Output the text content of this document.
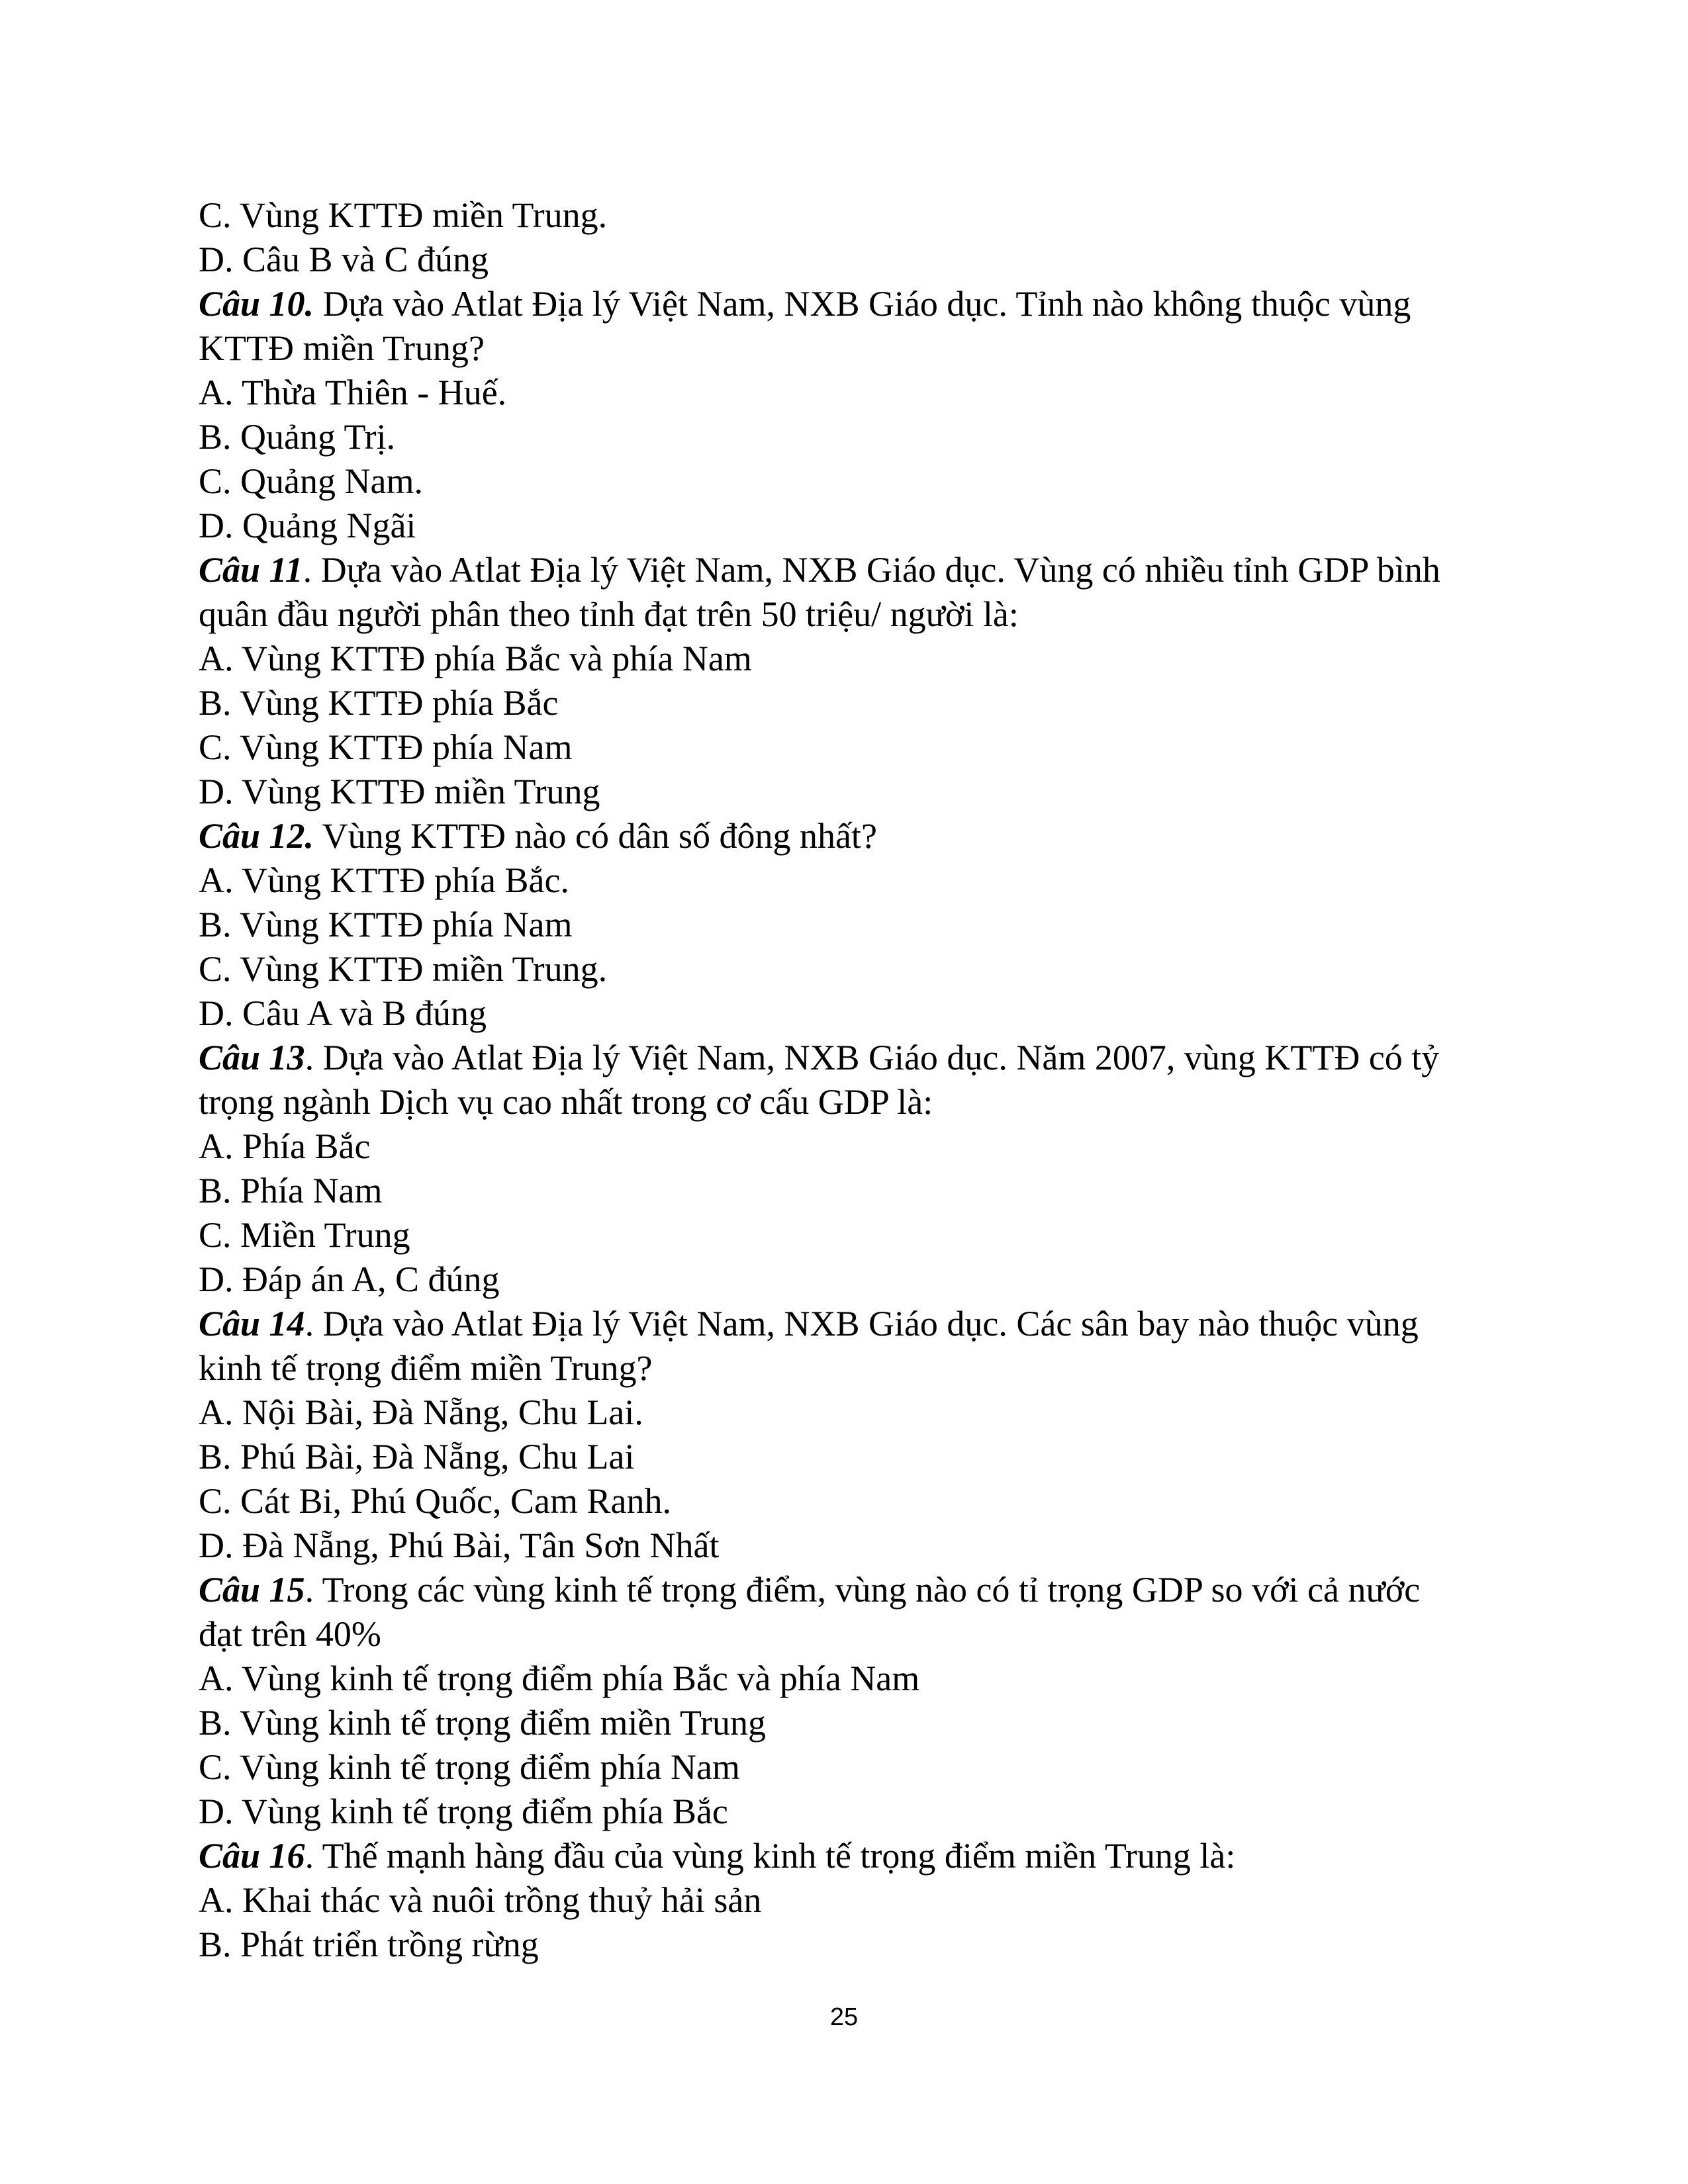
C. Vùng KTTĐ miền Trung.
D. Câu B và C đúng
Câu 10. Dựa vào Atlat Địa lý Việt Nam, NXB Giáo dục. Tỉnh nào không thuộc vùng
KTTĐ miền Trung?
A. Thừa Thiên - Huế.
B. Quảng Trị.
C. Quảng Nam.
D. Quảng Ngãi
Câu 11. Dựa vào Atlat Địa lý Việt Nam, NXB Giáo dục. Vùng có nhiều tỉnh GDP bình
quân đầu người phân theo tỉnh đạt trên 50 triệu/ người là:
A. Vùng KTTĐ phía Bắc và phía Nam
B. Vùng KTTĐ phía Bắc
C. Vùng KTTĐ phía Nam
D. Vùng KTTĐ miền Trung
Câu 12. Vùng KTTĐ nào có dân số đông nhất?
A. Vùng KTTĐ phía Bắc.
B. Vùng KTTĐ phía Nam
C. Vùng KTTĐ miền Trung.
D. Câu A và B đúng
Câu 13. Dựa vào Atlat Địa lý Việt Nam, NXB Giáo dục. Năm 2007, vùng KTTĐ có tỷ
trọng ngành Dịch vụ cao nhất trong cơ cấu GDP là:
A. Phía Bắc
B. Phía Nam
C. Miền Trung
D. Đáp án A, C đúng
Câu 14. Dựa vào Atlat Địa lý Việt Nam, NXB Giáo dục. Các sân bay nào thuộc vùng
kinh tế trọng điểm miền Trung?
A. Nội Bài, Đà Nẵng, Chu Lai.
B. Phú Bài, Đà Nẵng, Chu Lai
C. Cát Bi, Phú Quốc, Cam Ranh.
D. Đà Nẵng, Phú Bài, Tân Sơn Nhất
Câu 15. Trong các vùng kinh tế trọng điểm, vùng nào có tỉ trọng GDP so với cả nước
đạt trên 40%
A. Vùng kinh tế trọng điểm phía Bắc và phía Nam
B. Vùng kinh tế trọng điểm miền Trung
C. Vùng kinh tế trọng điểm phía Nam
D. Vùng kinh tế trọng điểm phía Bắc
Câu 16. Thế mạnh hàng đầu của vùng kinh tế trọng điểm miền Trung là:
A. Khai thác và nuôi trồng thuỷ hải sản
B. Phát triển trồng rừng
25
